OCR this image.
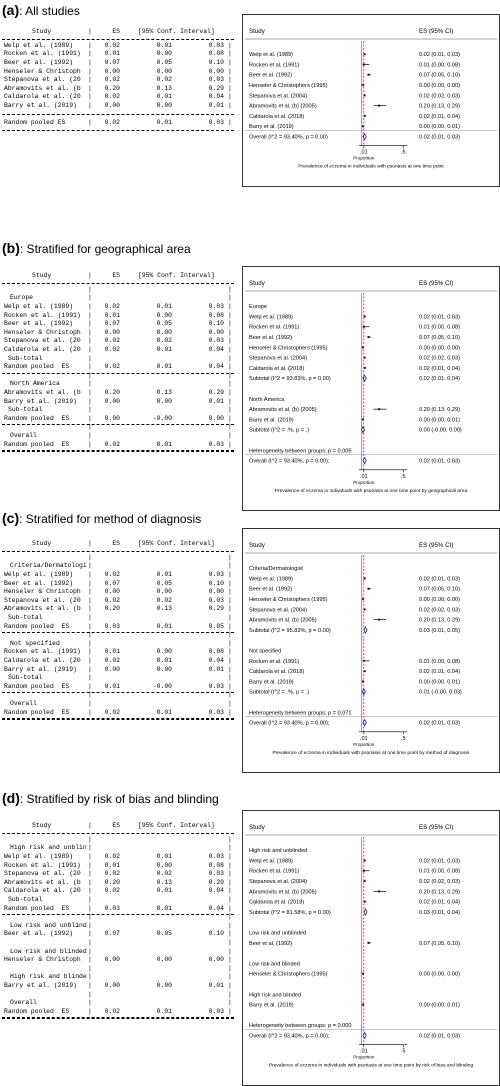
(a): All studies
Study	|	ES	[95% Conf. Interval]
Welp et al. (1989)	|	0.02	0.01	0.03 |
Rocken et al. (1991)	|	0.01	0.00	0.08 |
Beer et al. (1992)	|	0.07	0.05	0.10 |
Henseler & Christoph	|	0.00	0.00	0.00 |
Stepanova et al. (20	|	0.02	0.02	0.03 |
Abramovits et al. (b	|	0.20	0.13	0.29 |
Caldarola et al. (20	|	0.02	0.01	0.04 |
Barry et al. (2019)	|	0.00	0.00	0.01 |
Random pooled ES	|	0.02	0.01	0.03 |
Study	ES (95% CI)
Welp et al. (1989)	0.02 (0.01, 0.03)
Rocken et al. (1991)	0.01 (0.00, 0.08)
Beer et al. (1992)	0.07 (0.05, 0.10)
Henseler & Christophers (1995)	0.00 (0.00, 0.00)
Stepanova et al. (2004)	0.02 (0.02, 0.03)
Abramovits et al. (b) (2005)	0.20 (0.13, 0.29)
Caldarola et al. (2018)	0.02 (0.01, 0.04)
Barry et al. (2019)	0.00 (0.00, 0.01)
Overall (I^2 = 93.40%, p = 0.00)	0.02 (0.01, 0.03)
.01	.5
Proportion
Prevalence of eczema in individuals with psoriasis at one time point
(b): Stratified for geographical area
Study	|	ES	[95% Conf. Interval]
|	|
Europe	|	|
Welp et al. (1989)	|	0.02	0.01	0.03 |
Rocken et al. (1991)	|	0.01	0.00	0.08 |
Beer et al. (1992)	|	0.07	0.05	0.10 |
Henseler & Christoph	|	0.00	0.00	0.00 |
Stepanova et al. (20	|	0.02	0.02	0.03 |
Caldarola et al. (20	|	0.02	0.01	0.04 |
Sub-total	|	|
Random pooled  ES	|	0.02	0.01	0.04 |
|	|
North America	|	|
Abramovits et al. (b	|	0.20	0.13	0.29 |
Barry et al. (2019)	|	0.00	0.00	0.01 |
Sub-total	|	|
Random pooled  ES	|	0.00	-0.00	0.00 |
|	|
Overall	|	|
Random pooled  ES	|	0.02	0.01	0.03 |
Study	ES (95% CI)
Europe
Welp et al. (1989)	0.02 (0.01, 0.03)
Rocken et al. (1991)	0.01 (0.00, 0.08)
Beer et al. (1992)	0.07 (0.05, 0.10)
Henseler & Christophers (1995)	0.00 (0.00, 0.00)
Stepanova et al. (2004)	0.02 (0.02, 0.03)
Caldarola et al. (2018)	0.02 (0.01, 0.04)
Subtotal (I^2 = 93.83%, p = 0.00)	0.02 (0.01, 0.04)
North America
Abramovits et al. (b) (2005)	0.20 (0.13, 0.29)
Barry et al. (2019)	0.00 (0.00, 0.01)
Subtotal (I^2 = .%, p = .)	0.00 (-0.00, 0.00)
Heterogeneity between groups: p = 0.005
Overall (I^2 = 93.40%, p = 0.00);	0.02 (0.01, 0.03)
.01	.5
Proportion
Prevalence of eczema in individuals with psoriasis at one time point by geographical area
(c): Stratified for method of diagnosis
Study	|	ES	[95% Conf. Interval]
|	|
Criteria/Dermatologi |	|
Welp et al. (1989)	|	0.02	0.01	0.03 |
Beer et al. (1992)	|	0.07	0.05	0.10 |
Henseler & Christoph	|	0.00	0.00	0.00 |
Stepanova et al. (20	|	0.02	0.02	0.03 |
Abramovits et al. (b	|	0.20	0.13	0.29 |
Sub-total	|	|
Random pooled  ES	|	0.03	0.01	0.05 |
|	|
Not specified	|	|
Rocken et al. (1991)	|	0.01	0.00	0.08 |
Caldarola et al. (20	|	0.02	0.01	0.04 |
Barry et al. (2019)	|	0.00	0.00	0.01 |
Sub-total	|	|
Random pooled  ES	|	0.01	-0.00	0.03 |
|	|
Overall	|	|
Random pooled  ES	|	0.02	0.01	0.03 |
Study	ES (95% CI)
Criteria/Dermatologist
Welp et al. (1989)	0.02 (0.01, 0.03)
Beer et al. (1992)	0.07 (0.05, 0.10)
Henseler & Christophers (1995)	0.00 (0.00, 0.00)
Stepanova et al. (2004)	0.02 (0.02, 0.03)
Abramovits et al. (b) (2005)	0.20 (0.13, 0.29)
Subtotal (I^2 = 95.83%, p = 0.00)	0.03 (0.01, 0.05)
Not specified
Rocken et al. (1991)	0.01 (0.00, 0.08)
Caldarola et al. (2018)	0.02 (0.01, 0.04)
Barry et al. (2019)	0.00 (0.00, 0.01)
Subtotal (I^2 = .%, p = .)	0.01 (-0.00, 0.03)
Heterogeneity between groups: p = 0.071
Overall (I^2 = 93.40%, p = 0.00);	0.02 (0.01, 0.03)
.01	.5
Proportion
Prevalence of eczema in individuals with psoriasis at one time point by method of diagnosis
(d): Stratified by risk of bias and blinding
Study	|	ES	[95% Conf. Interval]
|	|
High risk and unblin |	|
Welp et al. (1989)	|	0.02	0.01	0.03 |
Rocken et al. (1991)	|	0.01	0.00	0.08 |
Stepanova et al. (20	|	0.02	0.02	0.03 |
Abramovits et al. (b	|	0.20	0.13	0.29 |
Caldarola et al. (20	|	0.02	0.01	0.04 |
Sub-total	|	|
Random pooled  ES	|	0.03	0.01	0.04 |
|	|
Low risk and unblind |	|
Beer et al. (1992)	|	0.07	0.05	0.10 |
|	|
Low risk and blinded |	|
Henseler & Christoph	|	0.00	0.00	0.00 |
|	|
High risk and blinde |	|
Barry et al. (2019)	|	0.00	0.00	0.01 |
|	|
Overall	|	|
Random pooled  ES	|	0.02	0.01	0.03 |
Study	ES (95% CI)
High risk and unblinded
Welp et al. (1989)	0.02 (0.01, 0.03)
Rocken et al. (1991)	0.01 (0.00, 0.08)
Stepanova et al. (2004)	0.02 (0.02, 0.03)
Abramovits et al. (b) (2005)	0.20 (0.13, 0.29)
Caldarola et al. (2018)	0.02 (0.01, 0.04)
Subtotal (I^2 = 81.58%, p = 0.00)	0.03 (0.01, 0.04)
Low risk and unblinded
Beer et al. (1992)	0.07 (0.05, 0.10)
Low risk and blinded
Henseler & Christophers (1995)	0.00 (0.00, 0.00)
High risk and blinded
Barry et al. (2019)	0.00 (0.00, 0.01)
Heterogeneity between groups: p = 0.000
Overall (I^2 = 93.40%, p = 0.00);	0.02 (0.01, 0.03)
.01	.5
Proportion
Prevalence of eczema in individuals with psoriasis at one time point by risk of bias and blinding
